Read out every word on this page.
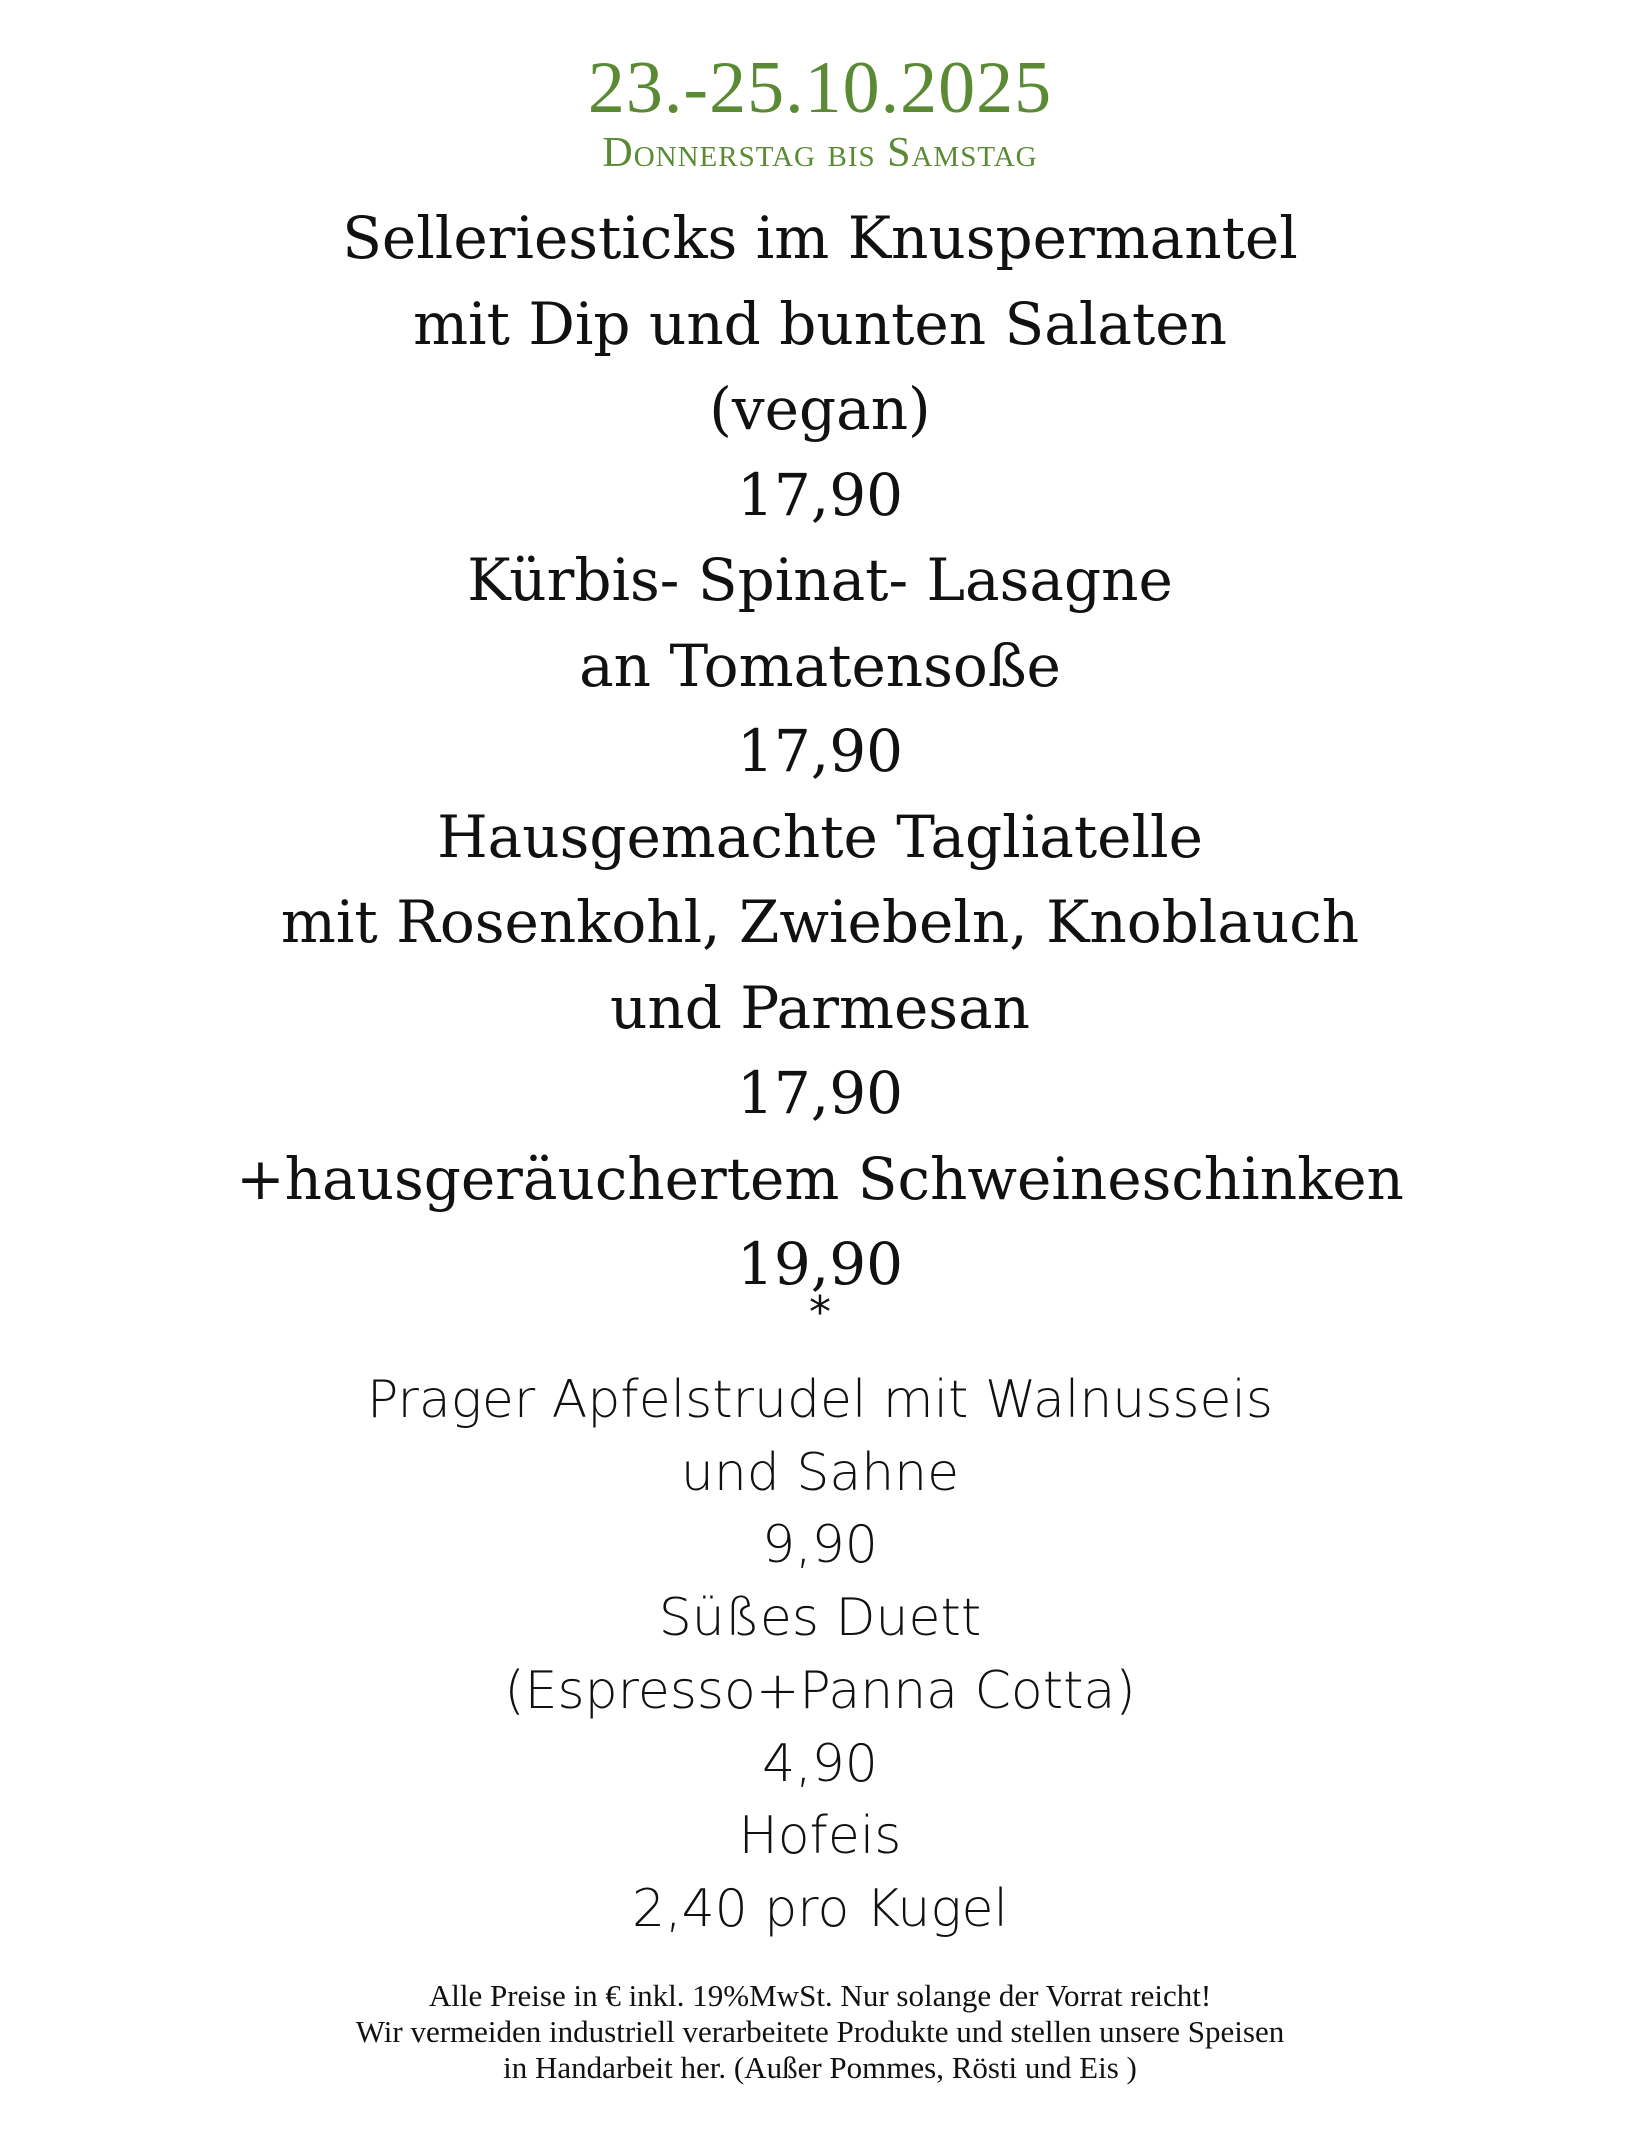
23.-25.10.2025
Donnerstag bis Samstag
Selleriesticks im Knuspermantel
mit Dip und bunten Salaten
(vegan)
17,90
Kürbis- Spinat- Lasagne
an Tomatensoße
17,90
Hausgemachte Tagliatelle
mit Rosenkohl, Zwiebeln, Knoblauch
und Parmesan
17,90
+hausgeräuchertem Schweineschinken
19,90
*
Prager Apfelstrudel mit Walnusseis
und Sahne
9,90
Süßes Duett
(Espresso+Panna Cotta)
4,90
Hofeis
2,40 pro Kugel
Alle Preise in € inkl. 19%MwSt. Nur solange der Vorrat reicht!
Wir vermeiden industriell verarbeitete Produkte und stellen unsere Speisen
in Handarbeit her. (Außer Pommes, Rösti und Eis )
